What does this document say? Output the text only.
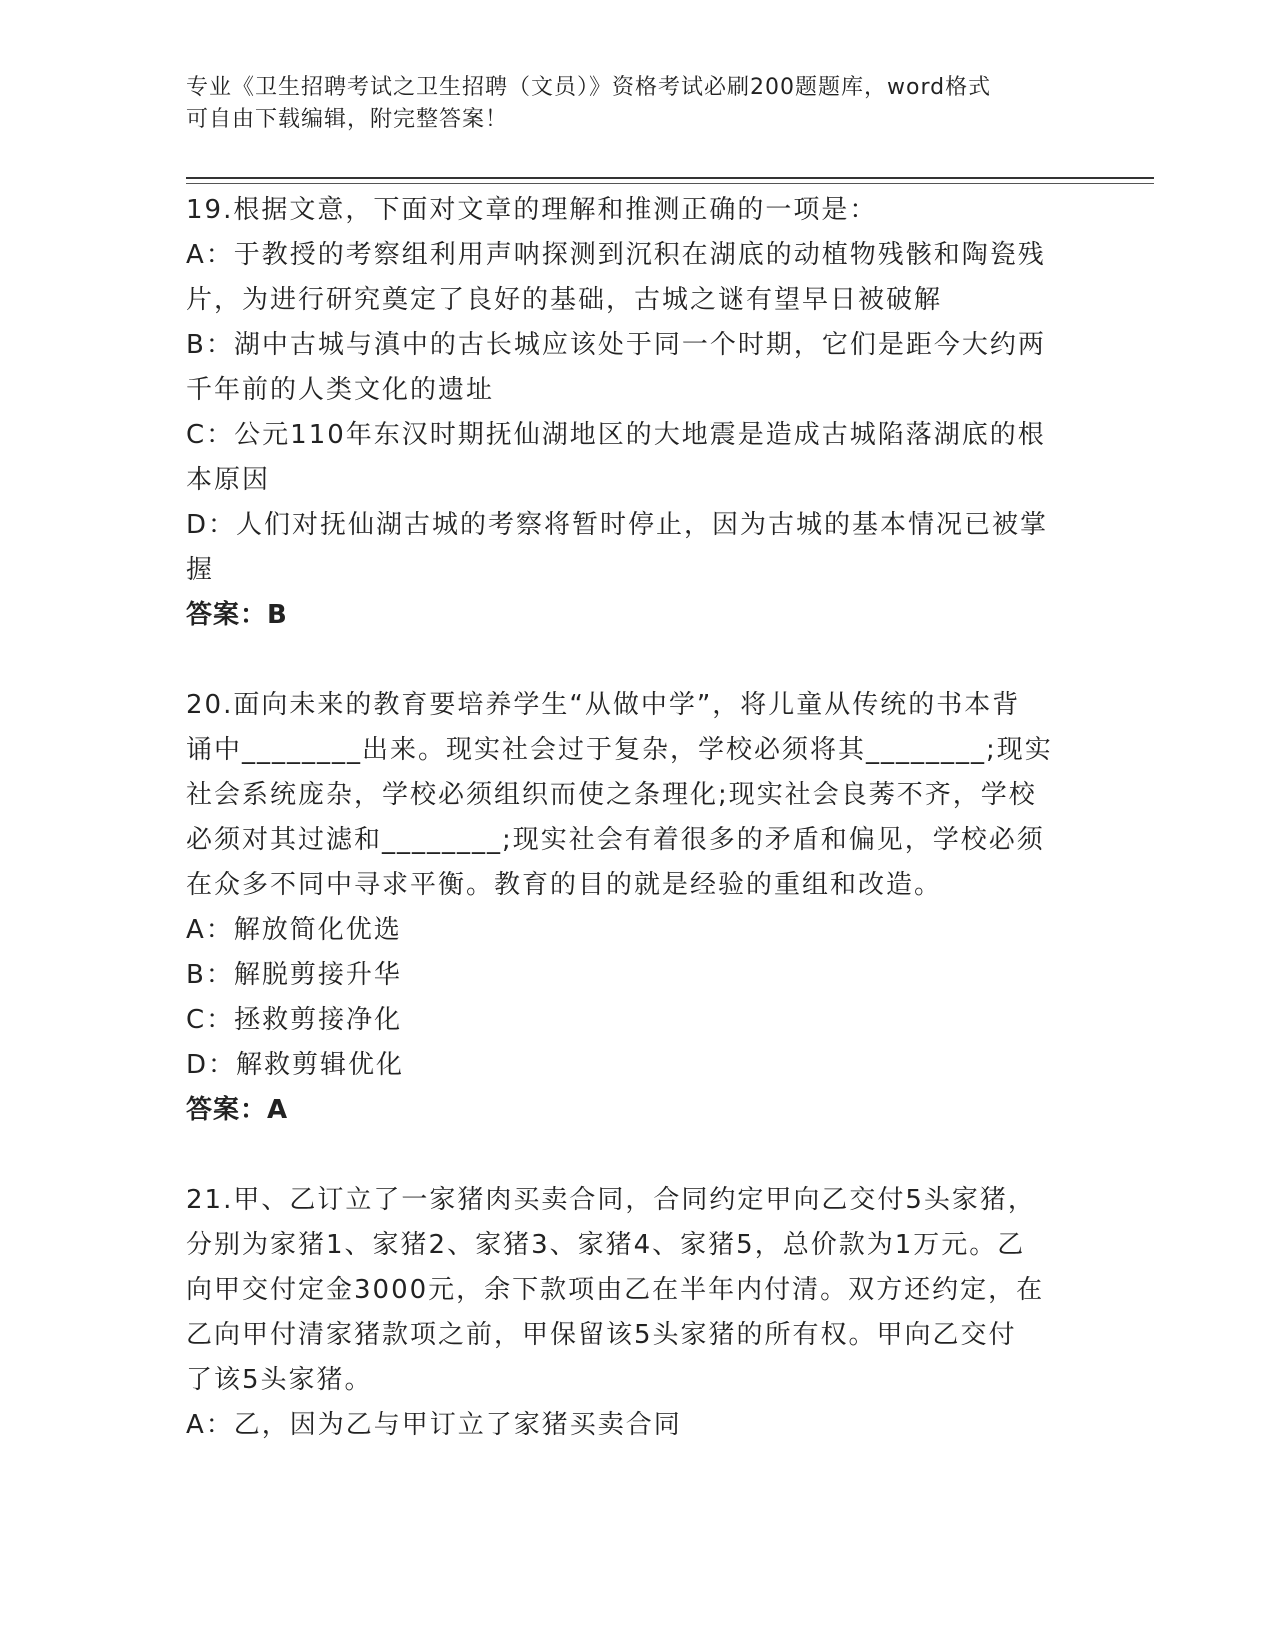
专业《卫生招聘考试之卫生招聘（文员）》资格考试必刷200题题库，word格式

可自由下载编辑，附完整答案！

19.根据文意，下面对文章的理解和推测正确的一项是：

A：于教授的考察组利用声呐探测到沉积在湖底的动植物残骸和陶瓷残

片，为进行研究奠定了良好的基础，古城之谜有望早日被破解

B：湖中古城与滇中的古长城应该处于同一个时期，它们是距今大约两

千年前的人类文化的遗址

C：公元110年东汉时期抚仙湖地区的大地震是造成古城陷落湖底的根

本原因

D：人们对抚仙湖古城的考察将暂时停止，因为古城的基本情况已被掌

握

答案：B

20.面向未来的教育要培养学生“从做中学”，将儿童从传统的书本背

诵中________出来。现实社会过于复杂，学校必须将其________;现实

社会系统庞杂，学校必须组织而使之条理化;现实社会良莠不齐，学校

必须对其过滤和________;现实社会有着很多的矛盾和偏见，学校必须

在众多不同中寻求平衡。教育的目的就是经验的重组和改造。

A：解放简化优选

B：解脱剪接升华

C：拯救剪接净化

D：解救剪辑优化

答案：A

21.甲、乙订立了一家猪肉买卖合同，合同约定甲向乙交付5头家猪，

分别为家猪1、家猪2、家猪3、家猪4、家猪5，总价款为1万元。乙

向甲交付定金3000元，余下款项由乙在半年内付清。双方还约定，在

乙向甲付清家猪款项之前，甲保留该5头家猪的所有权。甲向乙交付

了该5头家猪。

A：乙，因为乙与甲订立了家猪买卖合同
